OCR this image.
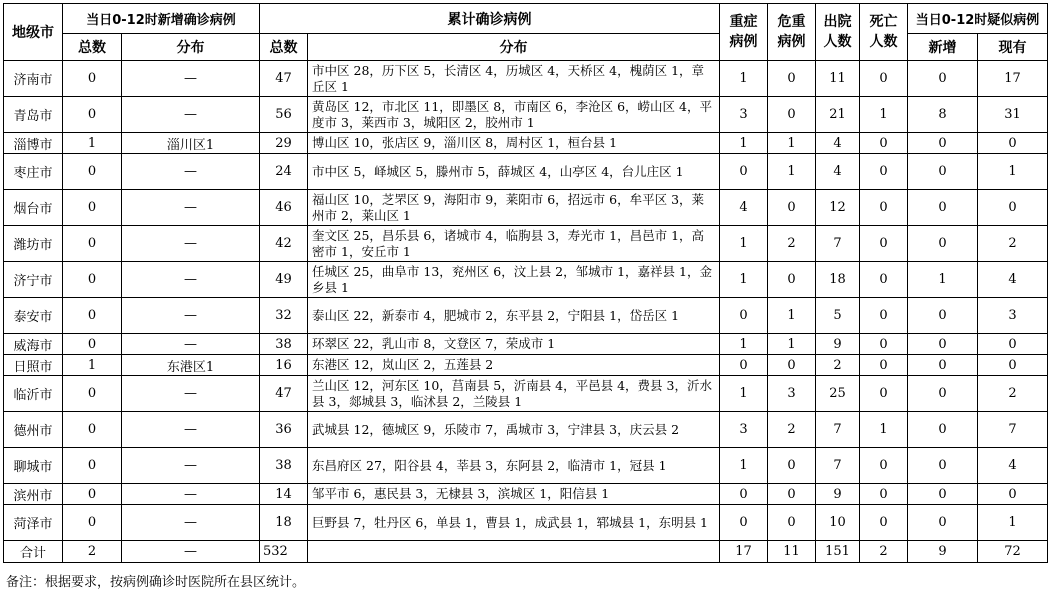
地级市	当日0-12时新增确诊病例		累计确诊病例		重症病例	危重病例	出院人数	死亡人数	当日0-12时疑似病例	
	总数	分布	总数	分布					新增	现有
济南市	0	—	47	市中区 28，历下区 5，长清区 4，历城区 4，天桥区 4，槐荫区 1，章丘区 1	1	0	11	0	0	17
青岛市	0	—	56	黄岛区 12，市北区 11，即墨区 8，市南区 6，李沧区 6，崂山区 4，平度市 3，莱西市 3，城阳区 2，胶州市 1	3	0	21	1	8	31
淄博市	1	淄川区1	29	博山区 10，张店区 9，淄川区 8，周村区 1，桓台县 1	1	1	4	0	0	0
枣庄市	0	—	24	市中区 5，峄城区 5，滕州市 5，薛城区 4，山亭区 4，台儿庄区 1	0	1	4	0	0	1
烟台市	0	—	46	福山区 10，芝罘区 9，海阳市 9，莱阳市 6，招远市 6，牟平区 3，莱州市 2，莱山区 1	4	0	12	0	0	0
潍坊市	0	—	42	奎文区 25，昌乐县 6，诸城市 4，临朐县 3，寿光市 1，昌邑市 1，高密市 1，安丘市 1	1	2	7	0	0	2
济宁市	0	—	49	任城区 25，曲阜市 13，兖州区 6，汶上县 2，邹城市 1，嘉祥县 1，金乡县 1	1	0	18	0	1	4
泰安市	0	—	32	泰山区 22，新泰市 4，肥城市 2，东平县 2，宁阳县 1，岱岳区 1	0	1	5	0	0	3
威海市	0	—	38	环翠区 22，乳山市 8，文登区 7，荣成市 1	1	1	9	0	0	0
日照市	1	东港区1	16	东港区 12，岚山区 2，五莲县 2	0	0	2	0	0	0
临沂市	0	—	47	兰山区 12，河东区 10，莒南县 5，沂南县 4，平邑县 4，费县 3，沂水县 3，郯城县 3，临沭县 2，兰陵县 1	1	3	25	0	0	2
德州市	0	—	36	武城县 12，德城区 9，乐陵市 7，禹城市 3，宁津县 3，庆云县 2	3	2	7	1	0	7
聊城市	0	—	38	东昌府区 27，阳谷县 4，莘县 3，东阿县 2，临清市 1，冠县 1	1	0	7	0	0	4
滨州市	0	—	14	邹平市 6，惠民县 3，无棣县 3，滨城区 1，阳信县 1	0	0	9	0	0	0
菏泽市	0	—	18	巨野县 7，牡丹区 6，单县 1，曹县 1，成武县 1，郓城县 1，东明县 1	0	0	10	0	0	1
合计	2	—	532		17	11	151	2	9	72
备注：根据要求，按病例确诊时医院所在县区统计。
